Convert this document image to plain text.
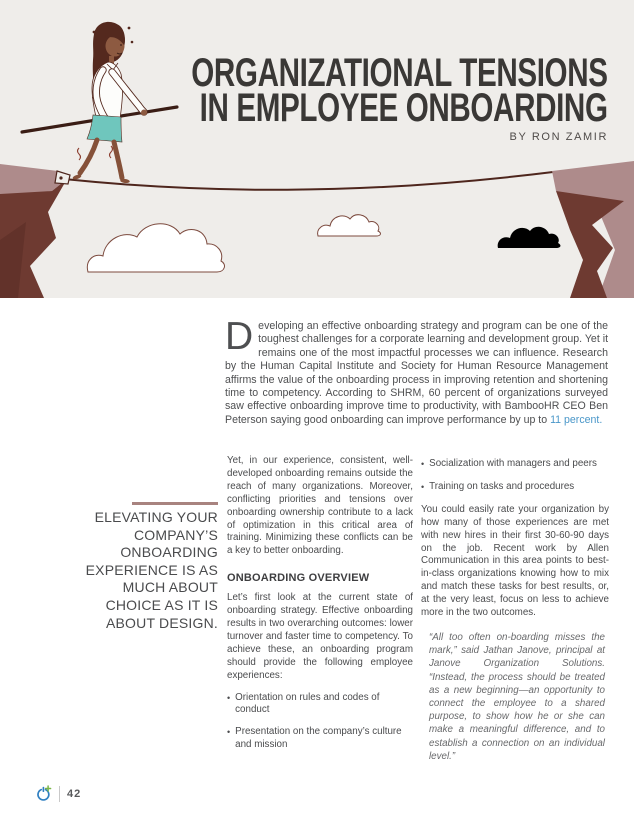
ORGANIZATIONAL TENSIONS
IN EMPLOYEE ONBOARDING
BY RON ZAMIR

Developing an effective onboarding strategy and program can be one of the toughest challenges for a corporate learning and development group. Yet it remains one of the most impactful processes we can influence. Research by the Human Capital Institute and Society for Human Resource Management affirms the value of the onboarding process in improving retention and shortening time to competency. According to SHRM, 60 percent of organizations surveyed saw effective onboarding improve time to productivity, with BambooHR CEO Ben Peterson saying good onboarding can improve performance by up to 11 percent.

ELEVATING YOUR COMPANY’S ONBOARDING EXPERIENCE IS AS MUCH ABOUT CHOICE AS IT IS ABOUT DESIGN.

Yet, in our experience, consistent, well-developed onboarding remains outside the reach of many organizations. Moreover, conflicting priorities and tensions over onboarding ownership contribute to a lack of optimization in this critical area of training. Minimizing these conflicts can be a key to better onboarding.

ONBOARDING OVERVIEW

Let’s first look at the current state of onboarding strategy. Effective onboarding results in two overarching outcomes: lower turnover and faster time to competency. To achieve these, an onboarding program should provide the following employee experiences:

• Orientation on rules and codes of conduct
• Presentation on the company’s culture and mission
• Socialization with managers and peers
• Training on tasks and procedures

You could easily rate your organization by how many of those experiences are met with new hires in their first 30-60-90 days on the job. Recent work by Allen Communication in this area points to best-in-class organizations knowing how to mix and match these tasks for best results, or, at the very least, focus on less to achieve more in the two outcomes.

“All too often on-boarding misses the mark,” said Jathan Janove, principal at Janove Organization Solutions. “Instead, the process should be treated as a new beginning—an opportunity to connect the employee to a shared purpose, to show how he or she can make a meaningful difference, and to establish a connection on an individual level.”

42
